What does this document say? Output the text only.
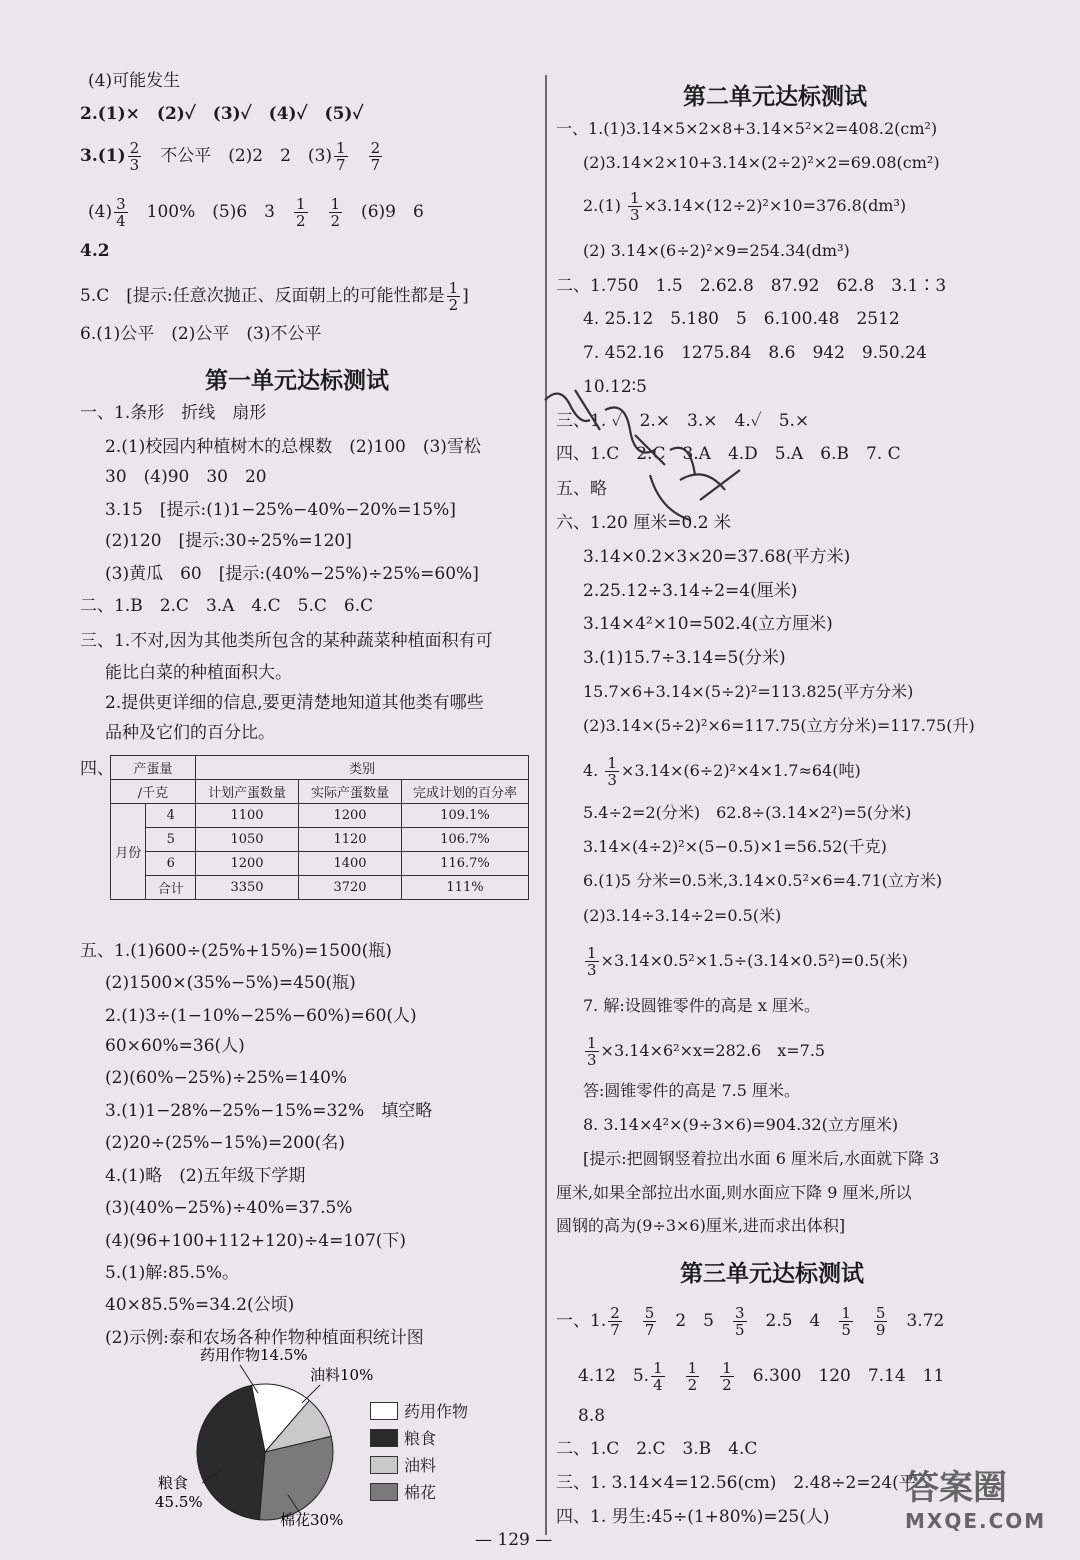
(4)可能发生
2.(1)×　(2)✓　(3)✓　(4)✓　(5)✓
$3.(1) \frac{2}{3}$ 　不公平　(2)2　2　$(3) \frac{1}{7}$
　 $\frac{2}{7}$
$(4) \frac{3}{4}$ 　100%　(5)6　3　 $\frac{1}{2}$
　 $\frac{1}{2}$ 　(6)9　6
4.2
5.C　[提示:任意次抛正、反面朝上的可能性都是 $\frac{1}{2}$ ]
6.(1)公平　(2)公平　(3)不公平
第一单元达标测试
一、1.条形　折线　扇形
2.(1)校园内种植树木的总棵数　(2)100　(3)雪松
30　(4)90　30　20
3.15　[提示:(1)1−25%−40%−20%=15%]
(2)120　[提示:30÷25%=120]
(3)黄瓜　60　[提示:(40%−25%)÷25%=60%]
二、1.B　2.C　3.A　4.C　5.C　6.C
三、1.不对,因为其他类所包含的某种蔬菜种植面积有可
能比白菜的种植面积大。
2.提供更详细的信息,要更清楚地知道其他类有哪些
品种及它们的百分比。
四、 产蛋量		类别		
/千克		计划产蛋数量	实际产蛋数量	完成计划的百分率
月份	4	1100	1200	109.1%
	5	1050	1120	106.7%
	6	1200	1400	116.7%
	合计	3350	3720	111%
五、1.(1)600÷(25%+15%)=1500(瓶)
(2)1500×(35%−5%)=450(瓶)
2.(1)3÷(1−10%−25%−60%)=60(人)
60×60%=36(人)
(2)(60%−25%)÷25%=140%
3.(1)1−28%−25%−15%=32%　填空略
(2)20÷(25%−15%)=200(名)
4.(1)略　(2)五年级下学期
(3)(40%−25%)÷40%=37.5%
(4)(96+100+112+120)÷4=107(下)
5.(1)解:85.5%。
40×85.5%=34.2(公顷)
(2)示例:泰和农场各种作物种植面积统计图
药用作物14.5%
油料10%
粮食
45.5%
棉花30%
药用作物
粮食
油料
棉花
第二单元达标测试
一、1.(1)3.14×5×2×8+3.14×5²×2=408.2(cm²)
(2)3.14×2×10+3.14×(2÷2)²×2=69.08(cm²)
$2.(1) \frac{1}{3} \times 3.14\times(12\div 2)^2\times 10=376.8(dm^3)$
(2) 3.14×(6÷2)²×9=254.34(dm³)
二、1.750　1.5　2.62.8　87.92　62.8　3.1∶3
4. 25.12　5.180　5　6.100.48　2512
7. 452.16　1275.84　8.6　942　9.50.24
10.12∶5
三、1. ✓　2.×　3.×　4.✓　5.×
四、1.C　2.C　3.A　4.D　5.A　6.B　7. C
五、略
六、1.20 厘米=0.2 米
3.14×0.2×3×20=37.68(平方米)
2.25.12÷3.14÷2=4(厘米)
3.14×4²×10=502.4(立方厘米)
3.(1)15.7÷3.14=5(分米)
15.7×6+3.14×(5÷2)²=113.825(平方分米)
(2)3.14×(5÷2)²×6=117.75(立方分米)=117.75(升)
4. $\frac{1}{3} \times 3.14\times(6\div 2)^2\times 4\times 1.7\approx 64$(吨)
5.4÷2=2(分米)　62.8÷(3.14×2²)=5(分米)
3.14×(4÷2)²×(5−0.5)×1=56.52(千克)
6.(1)5 分米=0.5米,3.14×0.5²×6=4.71(立方米)
(2)3.14÷3.14÷2=0.5(米)
$\frac{1}{3} \times 3.14\times 0.5^2\times 1.5\div(3.14\times 0.5^2)=0.5$(米)
7. 解:设圆锥零件的高是 x 厘米。
$\frac{1}{3} \times 3.14\times 6^2\times x=282.6$　x=7.5
答:圆锥零件的高是 7.5 厘米。
8. 3.14×4²×(9÷3×6)=904.32(立方厘米)
[提示:把圆钢竖着拉出水面 6 厘米后,水面就下降 3
厘米,如果全部拉出水面,则水面应下降 9 厘米,所以
圆钢的高为(9÷3×6)厘米,进而求出体积]
第三单元达标测试
一、1. $\frac{2}{7}$
　 $\frac{5}{7}$ 　2　5　 $\frac{3}{5}$ 　2.5　4　 $\frac{1}{5}$
　 $\frac{5}{9}$ 　3.72
4.12　5. $\frac{1}{4}$
　 $\frac{1}{2}$
　 $\frac{1}{2}$ 　6.300　120　7.14　11
8.8
二、1.C　2.C　3.B　4.C
三、1. 3.14×4=12.56(cm)　2.48÷2=24(平
四、1. 男生:45÷(1+80%)=25(人)
— 129 —
答案圈
MXQE.COM
